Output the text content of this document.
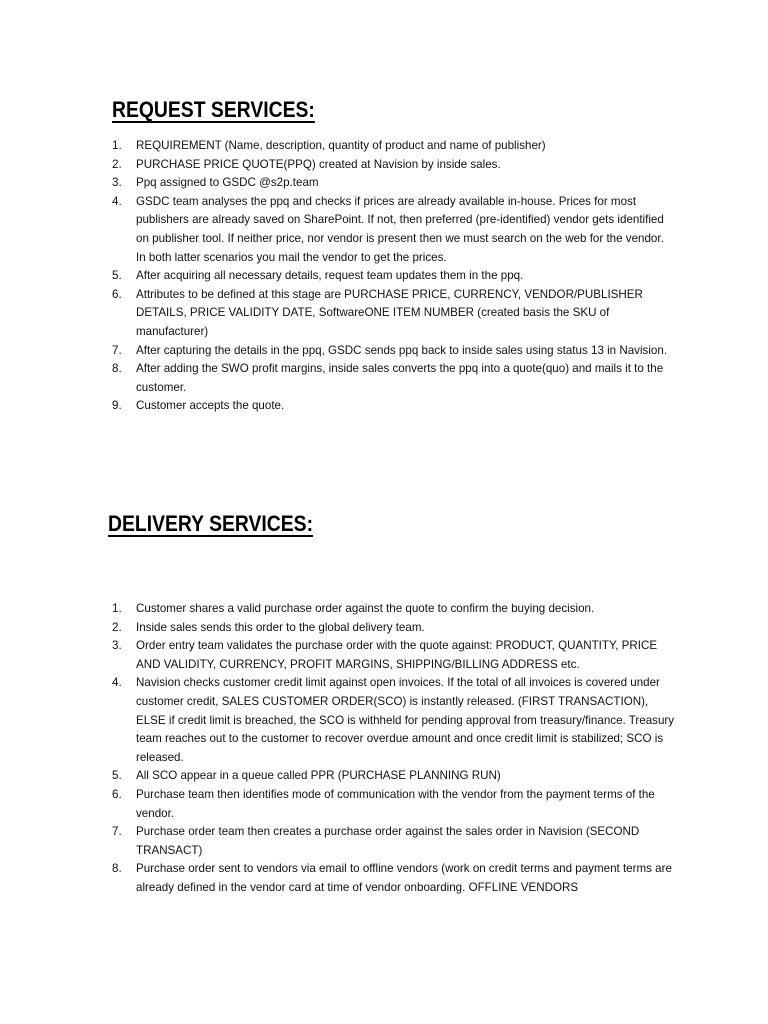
REQUEST SERVICES:
1.	REQUIREMENT (Name, description, quantity of product and name of publisher)
2.	PURCHASE PRICE QUOTE(PPQ) created at Navision by inside sales.
3.	Ppq assigned to GSDC @s2p.team
4.	GSDC team analyses the ppq and checks if prices are already available in-house. Prices for most publishers are already saved on SharePoint. If not, then preferred (pre-identified) vendor gets identified on publisher tool. If neither price, nor vendor is present then we must search on the web for the vendor. In both latter scenarios you mail the vendor to get the prices.
5.	After acquiring all necessary details, request team updates them in the ppq.
6.	Attributes to be defined at this stage are PURCHASE PRICE, CURRENCY, VENDOR/PUBLISHER DETAILS, PRICE VALIDITY DATE, SoftwareONE ITEM NUMBER (created basis the SKU of manufacturer)
7.	After capturing the details in the ppq, GSDC sends ppq back to inside sales using status 13 in Navision.
8.	After adding the SWO profit margins, inside sales converts the ppq into a quote(quo) and mails it to the customer.
9.	Customer accepts the quote.
DELIVERY SERVICES:
1.	Customer shares a valid purchase order against the quote to confirm the buying decision.
2.	Inside sales sends this order to the global delivery team.
3.	Order entry team validates the purchase order with the quote against: PRODUCT, QUANTITY, PRICE AND VALIDITY, CURRENCY, PROFIT MARGINS, SHIPPING/BILLING ADDRESS etc.
4.	Navision checks customer credit limit against open invoices. If the total of all invoices is covered under customer credit, SALES CUSTOMER ORDER(SCO) is instantly released. (FIRST TRANSACTION), ELSE if credit limit is breached, the SCO is withheld for pending approval from treasury/finance. Treasury team reaches out to the customer to recover overdue amount and once credit limit is stabilized; SCO is released.
5.	All SCO appear in a queue called PPR (PURCHASE PLANNING RUN)
6.	Purchase team then identifies mode of communication with the vendor from the payment terms of the vendor.
7.	Purchase order team then creates a purchase order against the sales order in Navision (SECOND TRANSACT)
8.	Purchase order sent to vendors via email to offline vendors (work on credit terms and payment terms are already defined in the vendor card at time of vendor onboarding. OFFLINE VENDORS
